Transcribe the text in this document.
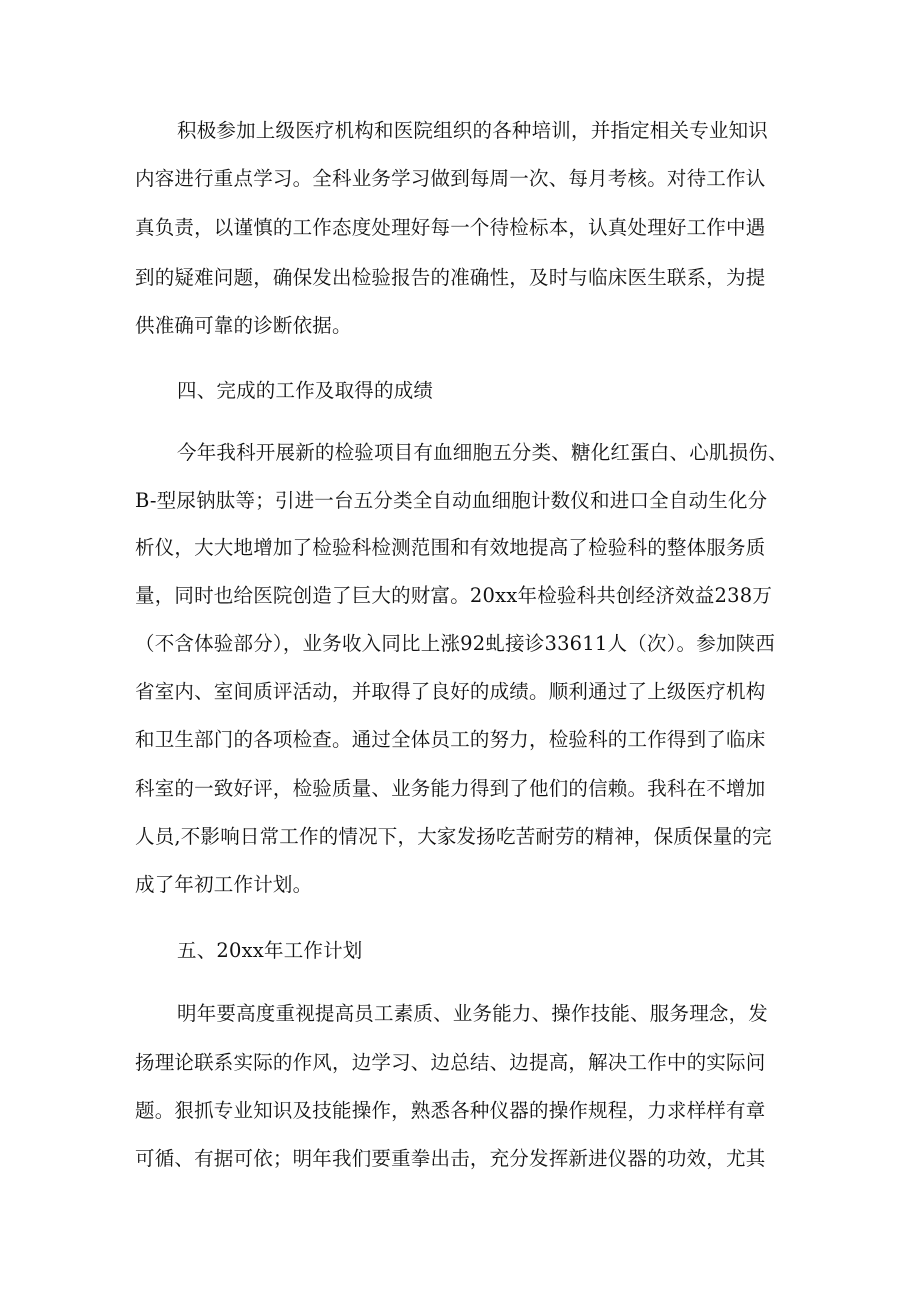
积极参加上级医疗机构和医院组织的各种培训，并指定相关专业知识
内容进行重点学习。全科业务学习做到每周一次、每月考核。对待工作认
真负责，以谨慎的工作态度处理好每一个待检标本，认真处理好工作中遇
到的疑难问题，确保发出检验报告的准确性，及时与临床医生联系，为提
供准确可靠的诊断依据。
四、完成的工作及取得的成绩
今年我科开展新的检验项目有血细胞五分类、糖化红蛋白、心肌损伤、
B-型尿钠肽等；引进一台五分类全自动血细胞计数仪和进口全自动生化分
析仪，大大地增加了检验科检测范围和有效地提高了检验科的整体服务质
量，同时也给医院创造了巨大的财富。20xx年检验科共创经济效益238万
（不含体验部分），业务收入同比上涨92虬接诊33611人（次）。参加陕西
省室内、室间质评活动，并取得了良好的成绩。顺利通过了上级医疗机构
和卫生部门的各项检查。通过全体员工的努力，检验科的工作得到了临床
科室的一致好评，检验质量、业务能力得到了他们的信赖。我科在不增加
人员,不影响日常工作的情况下，大家发扬吃苦耐劳的精神，保质保量的完
成了年初工作计划。
五、20xx年工作计划
明年要高度重视提高员工素质、业务能力、操作技能、服务理念，发
扬理论联系实际的作风，边学习、边总结、边提高，解决工作中的实际问
题。狠抓专业知识及技能操作，熟悉各种仪器的操作规程，力求样样有章
可循、有据可依；明年我们要重拳出击，充分发挥新进仪器的功效，尤其
